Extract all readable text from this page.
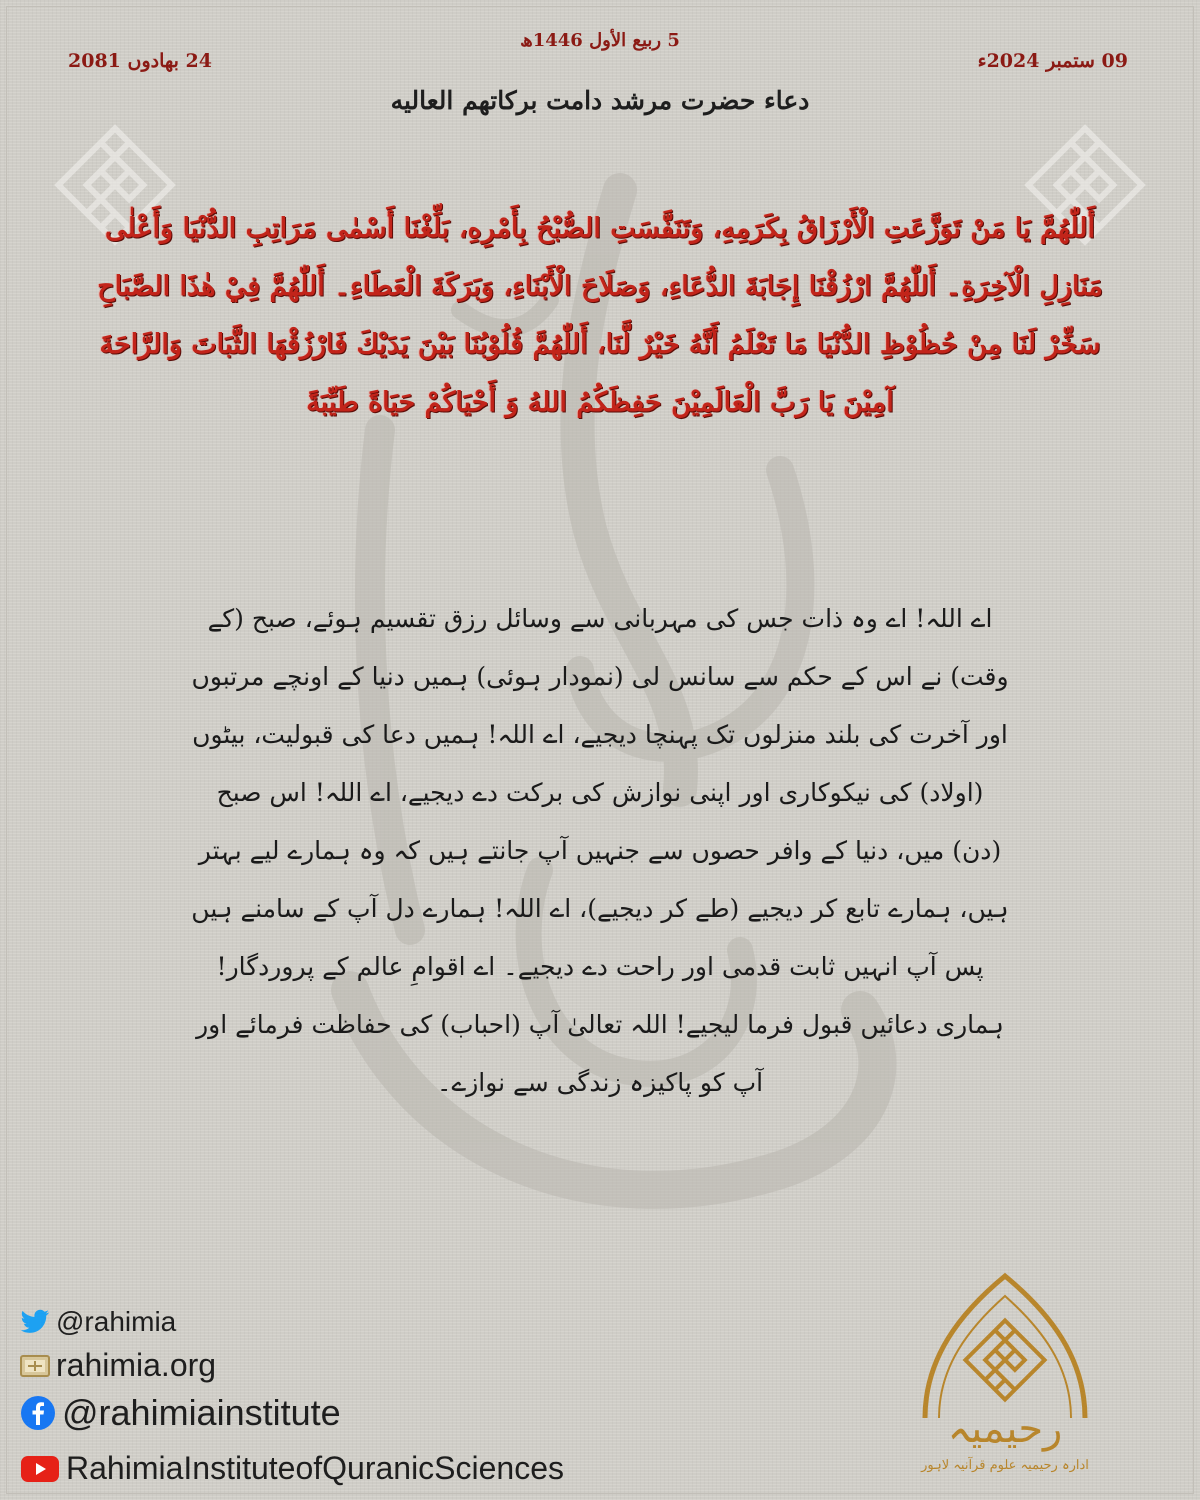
5 ربیع الأول 1446ھ
09 ستمبر 2024ء
24 بھادوں 2081
دعاء حضرت مرشد دامت برکاتهم العاليه
أَللّٰهُمَّ يَا مَنْ تَوَزَّعَتِ الْأَرْزَاقُ بِكَرَمِهِ، وَتَنَفَّسَتِ الصُّبْحُ بِأَمْرِهِ، بَلِّغْنَا أَسْمٰى مَرَاتِبِ الدُّنْيَا وَأَعْلٰى مَنَازِلِ الْآخِرَةِ۔ أَللّٰهُمَّ ارْزُقْنَا إِجَابَةَ الدُّعَاءِ، وَصَلَاحَ الْأَبْنَاءِ، وَبَرَكَةَ الْعَطَاءِ۔ أَللّٰهُمَّ فِيْ هٰذَا الصَّبَاحِ سَخِّرْ لَنَا مِنْ حُظُوْظِ الدُّنْيَا مَا تَعْلَمُ أَنَّهُ خَيْرٌ لَّنَا، أَللّٰهُمَّ قُلُوْبُنَا بَيْنَ يَدَيْكَ فَارْزُقْهَا الثَّبَاتَ وَالرَّاحَةَ آمِيْنَ يَا رَبَّ الْعَالَمِيْنَ حَفِظَكُمُ اللهُ وَ أَحْيَاكُمْ حَيَاةً طَيِّبَةً
اے اللہ! اے وہ ذات جس کی مہربانی سے وسائل رزق تقسیم ہوئے، صبح (کے وقت) نے اس کے حکم سے سانس لی (نمودار ہوئی) ہمیں دنیا کے اونچے مرتبوں اور آخرت کی بلند منزلوں تک پہنچا دیجیے، اے اللہ! ہمیں دعا کی قبولیت، بیٹوں (اولاد) کی نیکوکاری اور اپنی نوازش کی برکت دے دیجیے، اے اللہ! اس صبح (دن) میں، دنیا کے وافر حصوں سے جنہیں آپ جانتے ہیں کہ وہ ہمارے لیے بہتر ہیں، ہمارے تابع کر دیجیے (طے کر دیجیے)، اے اللہ! ہمارے دل آپ کے سامنے ہیں پس آپ انہیں ثابت قدمی اور راحت دے دیجیے۔ اے اقوامِ عالم کے پروردگار! ہماری دعائیں قبول فرما لیجیے! اللہ تعالیٰ آپ (احباب) کی حفاظت فرمائے اور آپ کو پاکیزہ زندگی سے نوازے۔
@rahimia
rahimia.org
@rahimiainstitute
RahimiaInstituteofQuranicSciences
رحیمیہ
ادارہ رحیمیہ علوم قرآنیہ لاہور
